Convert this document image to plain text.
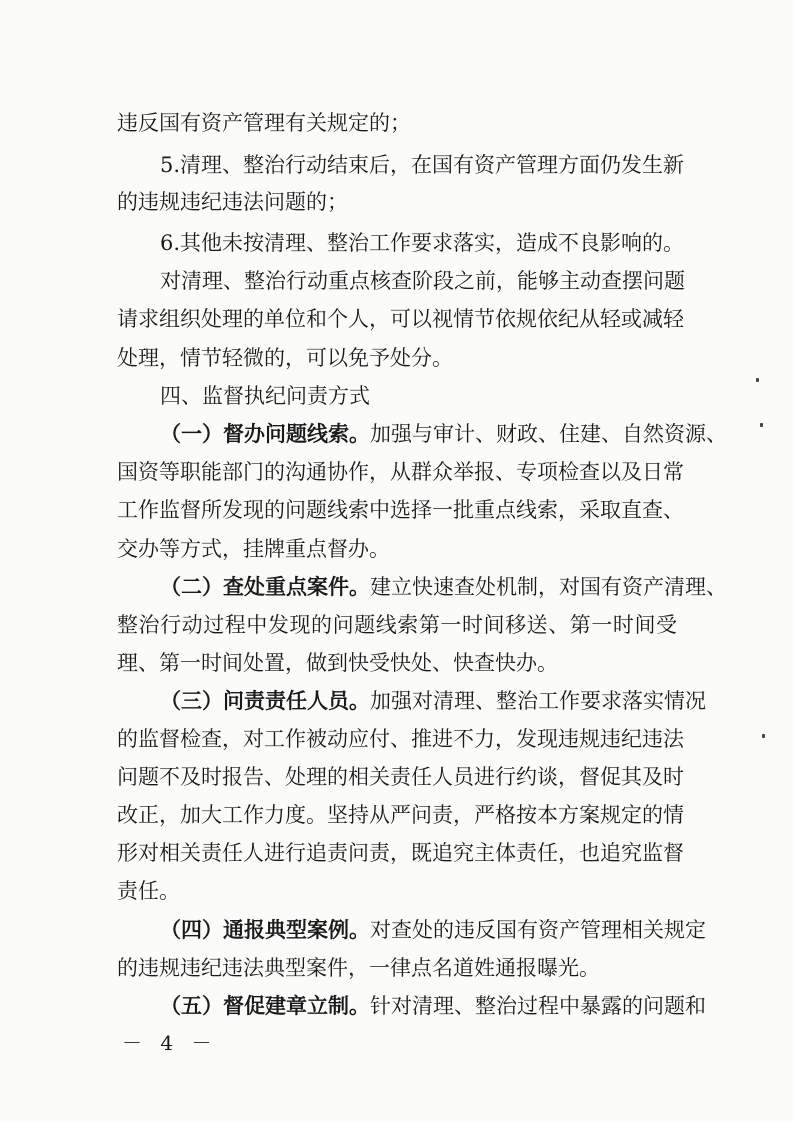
违反国有资产管理有关规定的；
5.清理、整治行动结束后，在国有资产管理方面仍发生新
的违规违纪违法问题的；
6.其他未按清理、整治工作要求落实，造成不良影响的。
对清理、整治行动重点核查阶段之前，能够主动查摆问题
请求组织处理的单位和个人，可以视情节依规依纪从轻或减轻
处理，情节轻微的，可以免予处分。
四、监督执纪问责方式
（一）督办问题线索。加强与审计、财政、住建、自然资源、
国资等职能部门的沟通协作，从群众举报、专项检查以及日常
工作监督所发现的问题线索中选择一批重点线索，采取直查、
交办等方式，挂牌重点督办。
（二）查处重点案件。建立快速查处机制，对国有资产清理、
整治行动过程中发现的问题线索第一时间移送、第一时间受
理、第一时间处置，做到快受快处、快查快办。
（三）问责责任人员。加强对清理、整治工作要求落实情况
的监督检查，对工作被动应付、推进不力，发现违规违纪违法
问题不及时报告、处理的相关责任人员进行约谈，督促其及时
改正，加大工作力度。坚持从严问责，严格按本方案规定的情
形对相关责任人进行追责问责，既追究主体责任，也追究监督
责任。
（四）通报典型案例。对查处的违反国有资产管理相关规定
的违规违纪违法典型案件，一律点名道姓通报曝光。
（五）督促建章立制。针对清理、整治过程中暴露的问题和
－ 4 －
